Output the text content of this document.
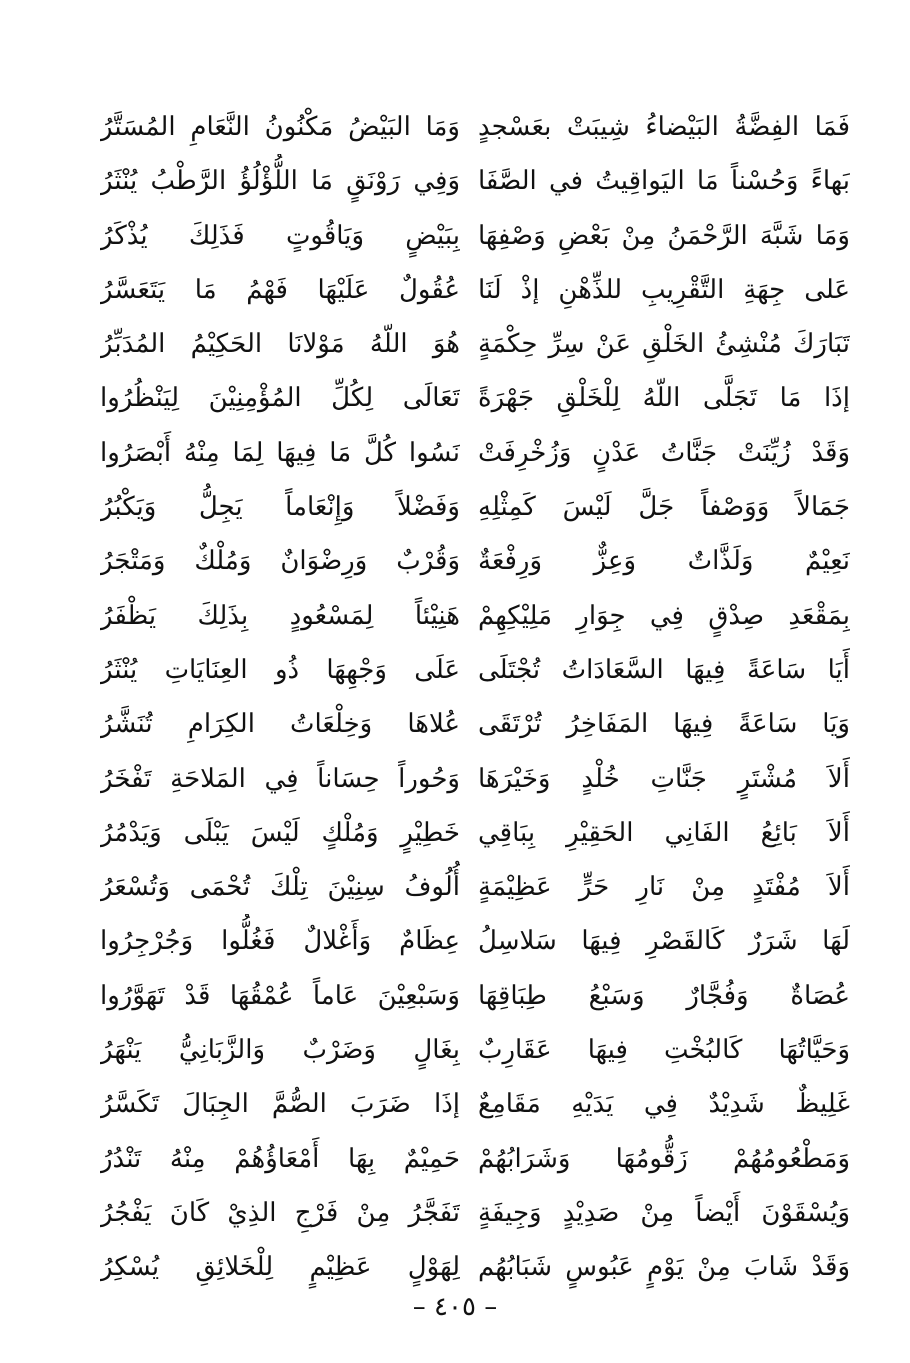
فَمَا الفِضَّةُ البَيْضاءُ شِيبَتْ بعَسْجدٍ
بَهاءً وَحُسْناً مَا اليَواقِيتُ في الصَّفَا
وَمَا شَبَّهَ الرَّحْمَنُ مِنْ بَعْضِ وَصْفِهَا
عَلى جِهَةِ التَّقْرِيبِ للذِّهْنِ إذْ لَنَا
تَبَارَكَ مُنْشِئُ الخَلْقِ عَنْ سِرِّ حِكْمَةٍ
إذَا مَا تَجَلَّى اللّهُ لِلْخَلْقِ جَهْرَةً
وَقَدْ زُيِّنَتْ جَنَّاتُ عَدْنٍ وَزُخْرِفَتْ
جَمَالاً وَوَصْفاً جَلَّ لَيْسَ كَمِثْلِهِ
نَعِيْمٌ وَلَذَّاتٌ وَعِزٌّ وَرِفْعَةٌ
بِمَقْعَدِ صِدْقٍ فِي جِوَارِ مَلِيْكِهِمْ
أَيَا سَاعَةً فِيهَا السَّعَادَاتُ تُجْتَلَى
وَيَا سَاعَةً فِيهَا المَفَاخِرُ تُرْتَقَى
أَلاَ مُشْتَرٍ جَنَّاتِ خُلْدٍ وَخَيْرَهَا
أَلاَ بَائِعُ الفَانِي الحَقِيْرِ بِبَاقِي
أَلاَ مُفْتَدٍ مِنْ نَارِ حَرٍّ عَظِيْمَةٍ
لَهَا شَرَرٌ كَالقَصْرِ فِيهَا سَلاسِلُ
عُصَاةٌ وَفُجَّارٌ وَسَبْعُ طِبَاقِهَا
وَحَيَّاتُهَا كَالبُخْتِ فِيهَا عَقَارِبٌ
غَلِيظٌ شَدِيْدٌ فِي يَدَيْهِ مَقَامِعٌ
وَمَطْعُومُهُمْ زَقُّومُهَا وَشَرَابُهُمْ
وَيُسْقَوْنَ أَيْضاً مِنْ صَدِيْدٍ وَجِيفَةٍ
وَقَدْ شَابَ مِنْ يَوْمٍ عَبُوسٍ شَبَابُهُم
وَمَا البَيْضُ مَكْنُونُ النَّعَامِ المُسَتَّرُ
وَفِي رَوْنَقٍ مَا اللُّؤْلُؤُ الرَّطْبُ يُنْثَرُ
بِبَيْضٍ وَيَاقُوتٍ فَذَلِكَ يُذْكَرُ
عُقُولٌ عَلَيْهَا فَهْمُ مَا يَتَعَسَّرُ
هُوَ اللّهُ مَوْلانَا الحَكِيْمُ المُدَبِّرُ
تَعَالَى لِكُلِّ المُؤْمِنِيْنَ لِيَنْظُرُوا
نَسُوا كُلَّ مَا فِيهَا لِمَا مِنْهُ أَبْصَرُوا
وَفَضْلاً وَإِنْعَاماً يَجِلُّ وَيَكْبُرُ
وَقُرْبٌ وَرِضْوَانٌ وَمُلْكٌ وَمَتْجَرُ
هَنِيْئاً لِمَسْعُودٍ بِذَلِكَ يَظْفَرُ
عَلَى وَجْهِهَا ذُو العِنَايَاتِ يُنْثَرُ
عُلاهَا وَخِلْعَاتُ الكِرَامِ تُنَشَّرُ
وَحُوراً حِسَاناً فِي المَلاحَةِ تَفْخَرُ
خَطِيْرٍ وَمُلْكٍ لَيْسَ يَبْلَى وَيَدْمُرُ
أُلُوفُ سِنِيْنَ تِلْكَ تُحْمَى وَتُسْعَرُ
عِظَامٌ وَأَغْلالٌ فَغُلُّوا وَجُرْجِرُوا
وَسَبْعِيْنَ عَاماً عُمْقُهَا قَدْ تَهَوَّرُوا
بِغَالٍ وَضَرْبٌ وَالزَّبَانِيُّ يَنْهَرُ
إذَا ضَرَبَ الصُّمَّ الجِبَالَ تَكَسَّرُ
حَمِيْمٌ بِهَا أَمْعَاؤُهُمْ مِنْهُ تَنْدُرُ
تَفَجَّرُ مِنْ فَرْجِ الذِيْ كَانَ يَفْجُرُ
لِهَوْلٍ عَظِيْمٍ لِلْخَلائِقِ يُسْكِرُ
– ٤٠٥ –
